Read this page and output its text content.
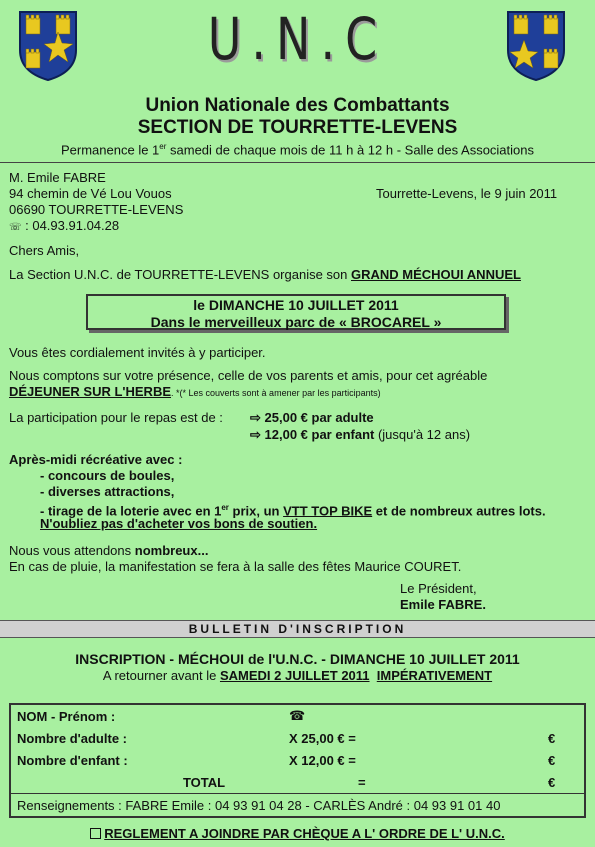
U.N.C
Union Nationale des Combattants
SECTION DE TOURRETTE-LEVENS
Permanence le 1er samedi de chaque mois de 11 h à 12 h - Salle des Associations
M. Emile FABRE
94 chemin de Vé Lou Vouos
06690 TOURRETTE-LEVENS
☏ : 04.93.91.04.28
Tourrette-Levens, le 9 juin 2011
Chers Amis,
La Section U.N.C. de TOURRETTE-LEVENS organise son GRAND MÉCHOUI ANNUEL
le DIMANCHE 10 JUILLET 2011
Dans le merveilleux parc de « BROCAREL »
Vous êtes cordialement invités à y participer.
Nous comptons sur votre présence, celle de vos parents et amis, pour cet agréable
DÉJEUNER SUR L'HERBE. *(* Les couverts sont à amener par les participants)
La participation pour le repas est de : ⇨ 25,00 € par adulte
⇨ 12,00 € par enfant (jusqu'à 12 ans)
Après-midi récréative avec :
- concours de boules,
- diverses attractions,
- tirage de la loterie avec en 1er prix, un VTT TOP BIKE et de nombreux autres lots.
N'oubliez pas d'acheter vos bons de soutien.
Nous vous attendons nombreux...
En cas de pluie, la manifestation se fera à la salle des fêtes Maurice COURET.
Le Président,
Emile FABRE.
BULLETIN D'INSCRIPTION
INSCRIPTION - MÉCHOUI de l'U.N.C. - DIMANCHE 10 JUILLET 2011
A retourner avant le SAMEDI 2 JUILLET 2011 IMPÉRATIVEMENT
NOM - Prénom :	☎	
Nombre d'adulte :	X 25,00 € =	€
Nombre d'enfant :	X 12,00 € =	€
TOTAL	=	€
Renseignements : FABRE Emile : 04 93 91 04 28 - CARLÈS André : 04 93 91 01 40		
REGLEMENT A JOINDRE PAR CHÈQUE A L' ORDRE DE L' U.N.C.
